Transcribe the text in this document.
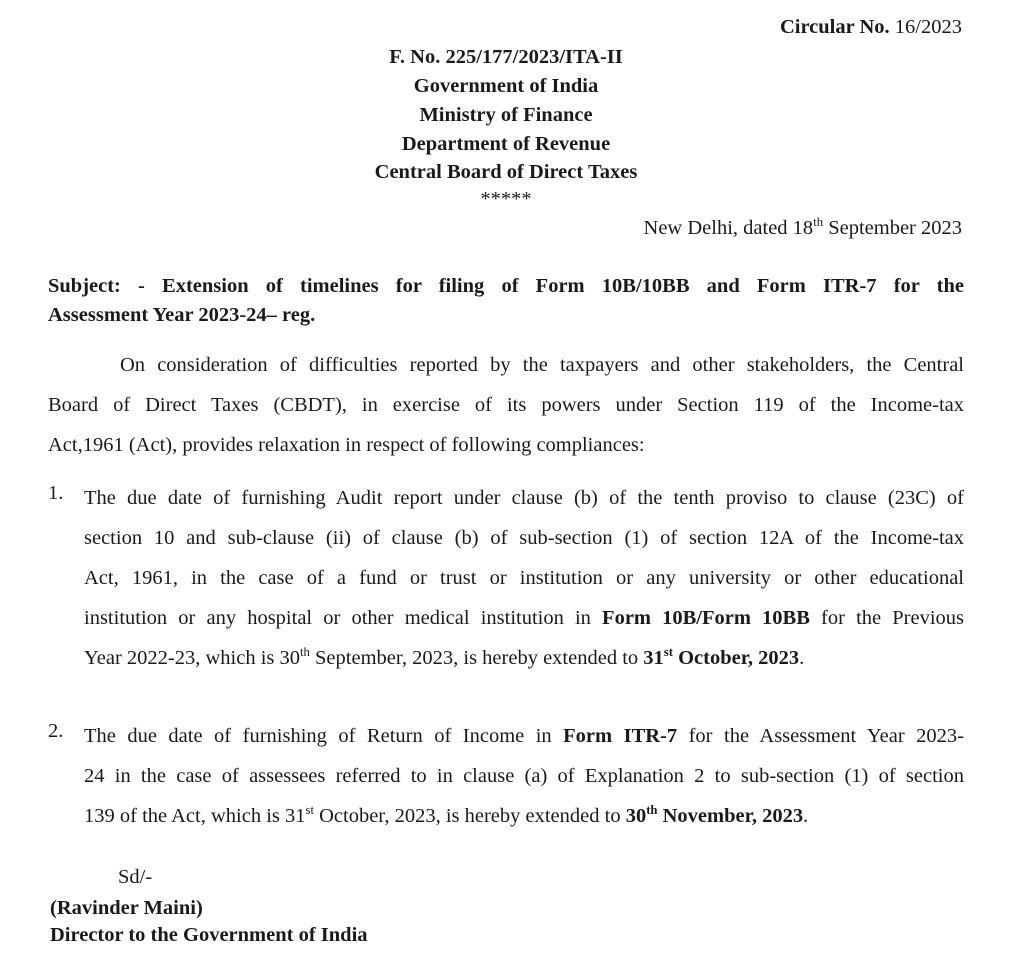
Circular No. 16/2023
F. No. 225/177/2023/ITA-II
Government of India
Ministry of Finance
Department of Revenue
Central Board of Direct Taxes
*****
New Delhi, dated 18th September 2023
Subject: - Extension of timelines for filing of Form 10B/10BB and Form ITR-7 for the
Assessment Year 2023-24– reg.
On consideration of difficulties reported by the taxpayers and other stakeholders, the Central
Board of Direct Taxes (CBDT), in exercise of its powers under Section 119 of the Income-tax
Act,1961 (Act), provides relaxation in respect of following compliances:
1. The due date of furnishing Audit report under clause (b) of the tenth proviso to clause (23C) of
section 10 and sub-clause (ii) of clause (b) of sub-section (1) of section 12A of the Income-tax
Act, 1961, in the case of a fund or trust or institution or any university or other educational
institution or any hospital or other medical institution in Form 10B/Form 10BB for the Previous
Year 2022-23, which is 30th September, 2023, is hereby extended to 31st October, 2023.
2. The due date of furnishing of Return of Income in Form ITR-7 for the Assessment Year 2023-
24 in the case of assessees referred to in clause (a) of Explanation 2 to sub-section (1) of section
139 of the Act, which is 31st October, 2023, is hereby extended to 30th November, 2023.
Sd/-
(Ravinder Maini)
Director to the Government of India
